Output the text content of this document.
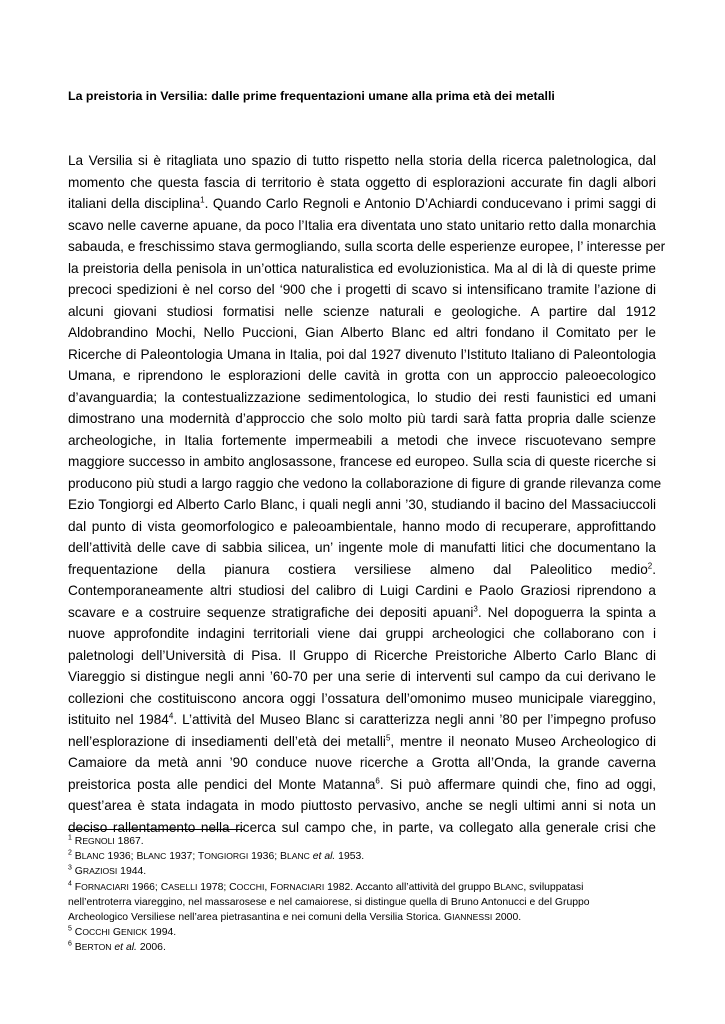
La preistoria in Versilia: dalle prime frequentazioni umane alla prima età dei metalli
La Versilia si è ritagliata uno spazio di tutto rispetto nella storia della ricerca paletnologica, dal
momento che questa fascia di territorio è stata oggetto di esplorazioni accurate fin dagli albori
italiani della disciplina$^1$. Quando Carlo Regnoli e Antonio D’Achiardi conducevano i primi saggi di
scavo nelle caverne apuane, da poco l’Italia era diventata uno stato unitario retto dalla monarchia
sabauda, e freschissimo stava germogliando, sulla scorta delle esperienze europee, l’ interesse per
la preistoria della penisola in un’ottica naturalistica ed evoluzionistica. Ma al di là di queste prime
precoci spedizioni è nel corso del ‘900 che i progetti di scavo si intensificano tramite l’azione di
alcuni giovani studiosi formatisi nelle scienze naturali e geologiche. A partire dal 1912
Aldobrandino Mochi, Nello Puccioni, Gian Alberto Blanc ed altri fondano il Comitato per le
Ricerche di Paleontologia Umana in Italia, poi dal 1927 divenuto l’Istituto Italiano di Paleontologia
Umana, e riprendono le esplorazioni delle cavità in grotta con un approccio paleoecologico
d’avanguardia; la contestualizzazione sedimentologica, lo studio dei resti faunistici ed umani
dimostrano una modernità d’approccio che solo molto più tardi sarà fatta propria dalle scienze
archeologiche, in Italia fortemente impermeabili a metodi che invece riscuotevano sempre
maggiore successo in ambito anglosassone, francese ed europeo. Sulla scia di queste ricerche si
producono più studi a largo raggio che vedono la collaborazione di figure di grande rilevanza come
Ezio Tongiorgi ed Alberto Carlo Blanc, i quali negli anni ’30, studiando il bacino del Massaciuccoli
dal punto di vista geomorfologico e paleoambientale, hanno modo di recuperare, approfittando
dell’attività delle cave di sabbia silicea, un’ ingente mole di manufatti litici che documentano la
frequentazione della pianura costiera versiliese almeno dal Paleolitico medio$^2$.
Contemporaneamente altri studiosi del calibro di Luigi Cardini e Paolo Graziosi riprendono a
scavare e a costruire sequenze stratigrafiche dei depositi apuani$^3$. Nel dopoguerra la spinta a
nuove approfondite indagini territoriali viene dai gruppi archeologici che collaborano con i
paletnologi dell’Università di Pisa. Il Gruppo di Ricerche Preistoriche Alberto Carlo Blanc di
Viareggio si distingue negli anni ’60-70 per una serie di interventi sul campo da cui derivano le
collezioni che costituiscono ancora oggi l’ossatura dell’omonimo museo municipale viareggino,
istituito nel 1984$^4$. L’attività del Museo Blanc si caratterizza negli anni ’80 per l’impegno profuso
nell’esplorazione di insediamenti dell’età dei metalli$^5$, mentre il neonato Museo Archeologico di
Camaiore da metà anni ’90 conduce nuove ricerche a Grotta all’Onda, la grande caverna
preistorica posta alle pendici del Monte Matanna$^6$. Si può affermare quindi che, fino ad oggi,
quest’area è stata indagata in modo piuttosto pervasivo, anche se negli ultimi anni si nota un
deciso rallentamento nella ricerca sul campo che, in parte, va collegato alla generale crisi che
$^1$ REGNOLI 1867.
$^2$ BLANC 1936; BLANC 1937; TONGIORGI 1936; BLANC et al. 1953.
$^3$ GRAZIOSI 1944.
$^4$ FORNACIARI 1966; CASELLI 1978; COCCHI, FORNACIARI 1982. Accanto all’attività del gruppo BLANC, sviluppatasi
nell’entroterra viareggino, nel massarosese e nel camaiorese, si distingue quella di Bruno Antonucci e del Gruppo
Archeologico Versiliese nell’area pietrasantina e nei comuni della Versilia Storica. GIANNESSI 2000.
$^5$ COCCHI GENICK 1994.
$^6$ BERTON et al. 2006.
